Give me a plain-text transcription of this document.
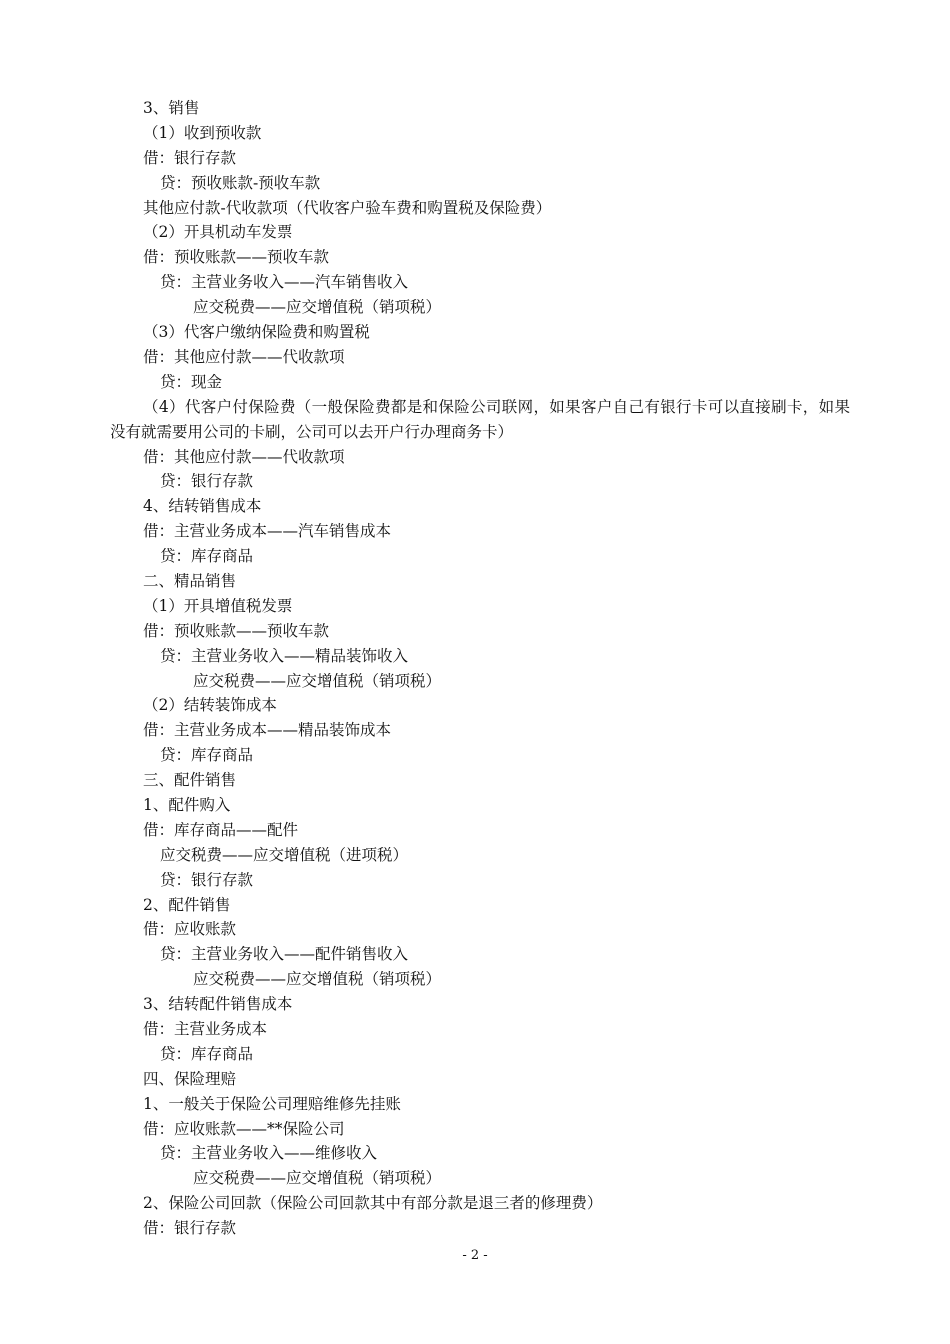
3、销售
（1）收到预收款
借：银行存款
贷：预收账款-预收车款
其他应付款-代收款项（代收客户验车费和购置税及保险费）
（2）开具机动车发票
借：预收账款——预收车款
贷：主营业务收入——汽车销售收入
应交税费——应交增值税（销项税）
（3）代客户缴纳保险费和购置税
借：其他应付款——代收款项
贷：现金
（4）代客户付保险费（一般保险费都是和保险公司联网，如果客户自己有银行卡可以直接刷卡，如果没有就需要用公司的卡刷，公司可以去开户行办理商务卡）
借：其他应付款——代收款项
贷：银行存款
4、结转销售成本
借：主营业务成本——汽车销售成本
贷：库存商品
二、精品销售
（1）开具增值税发票
借：预收账款——预收车款
贷：主营业务收入——精品装饰收入
应交税费——应交增值税（销项税）
（2）结转装饰成本
借：主营业务成本——精品装饰成本
贷：库存商品
三、配件销售
1、配件购入
借：库存商品——配件
应交税费——应交增值税（进项税）
贷：银行存款
2、配件销售
借：应收账款
贷：主营业务收入——配件销售收入
应交税费——应交增值税（销项税）
3、结转配件销售成本
借：主营业务成本
贷：库存商品
四、保险理赔
1、一般关于保险公司理赔维修先挂账
借：应收账款——**保险公司
贷：主营业务收入——维修收入
应交税费——应交增值税（销项税）
2、保险公司回款（保险公司回款其中有部分款是退三者的修理费）
借：银行存款
- 2 -
